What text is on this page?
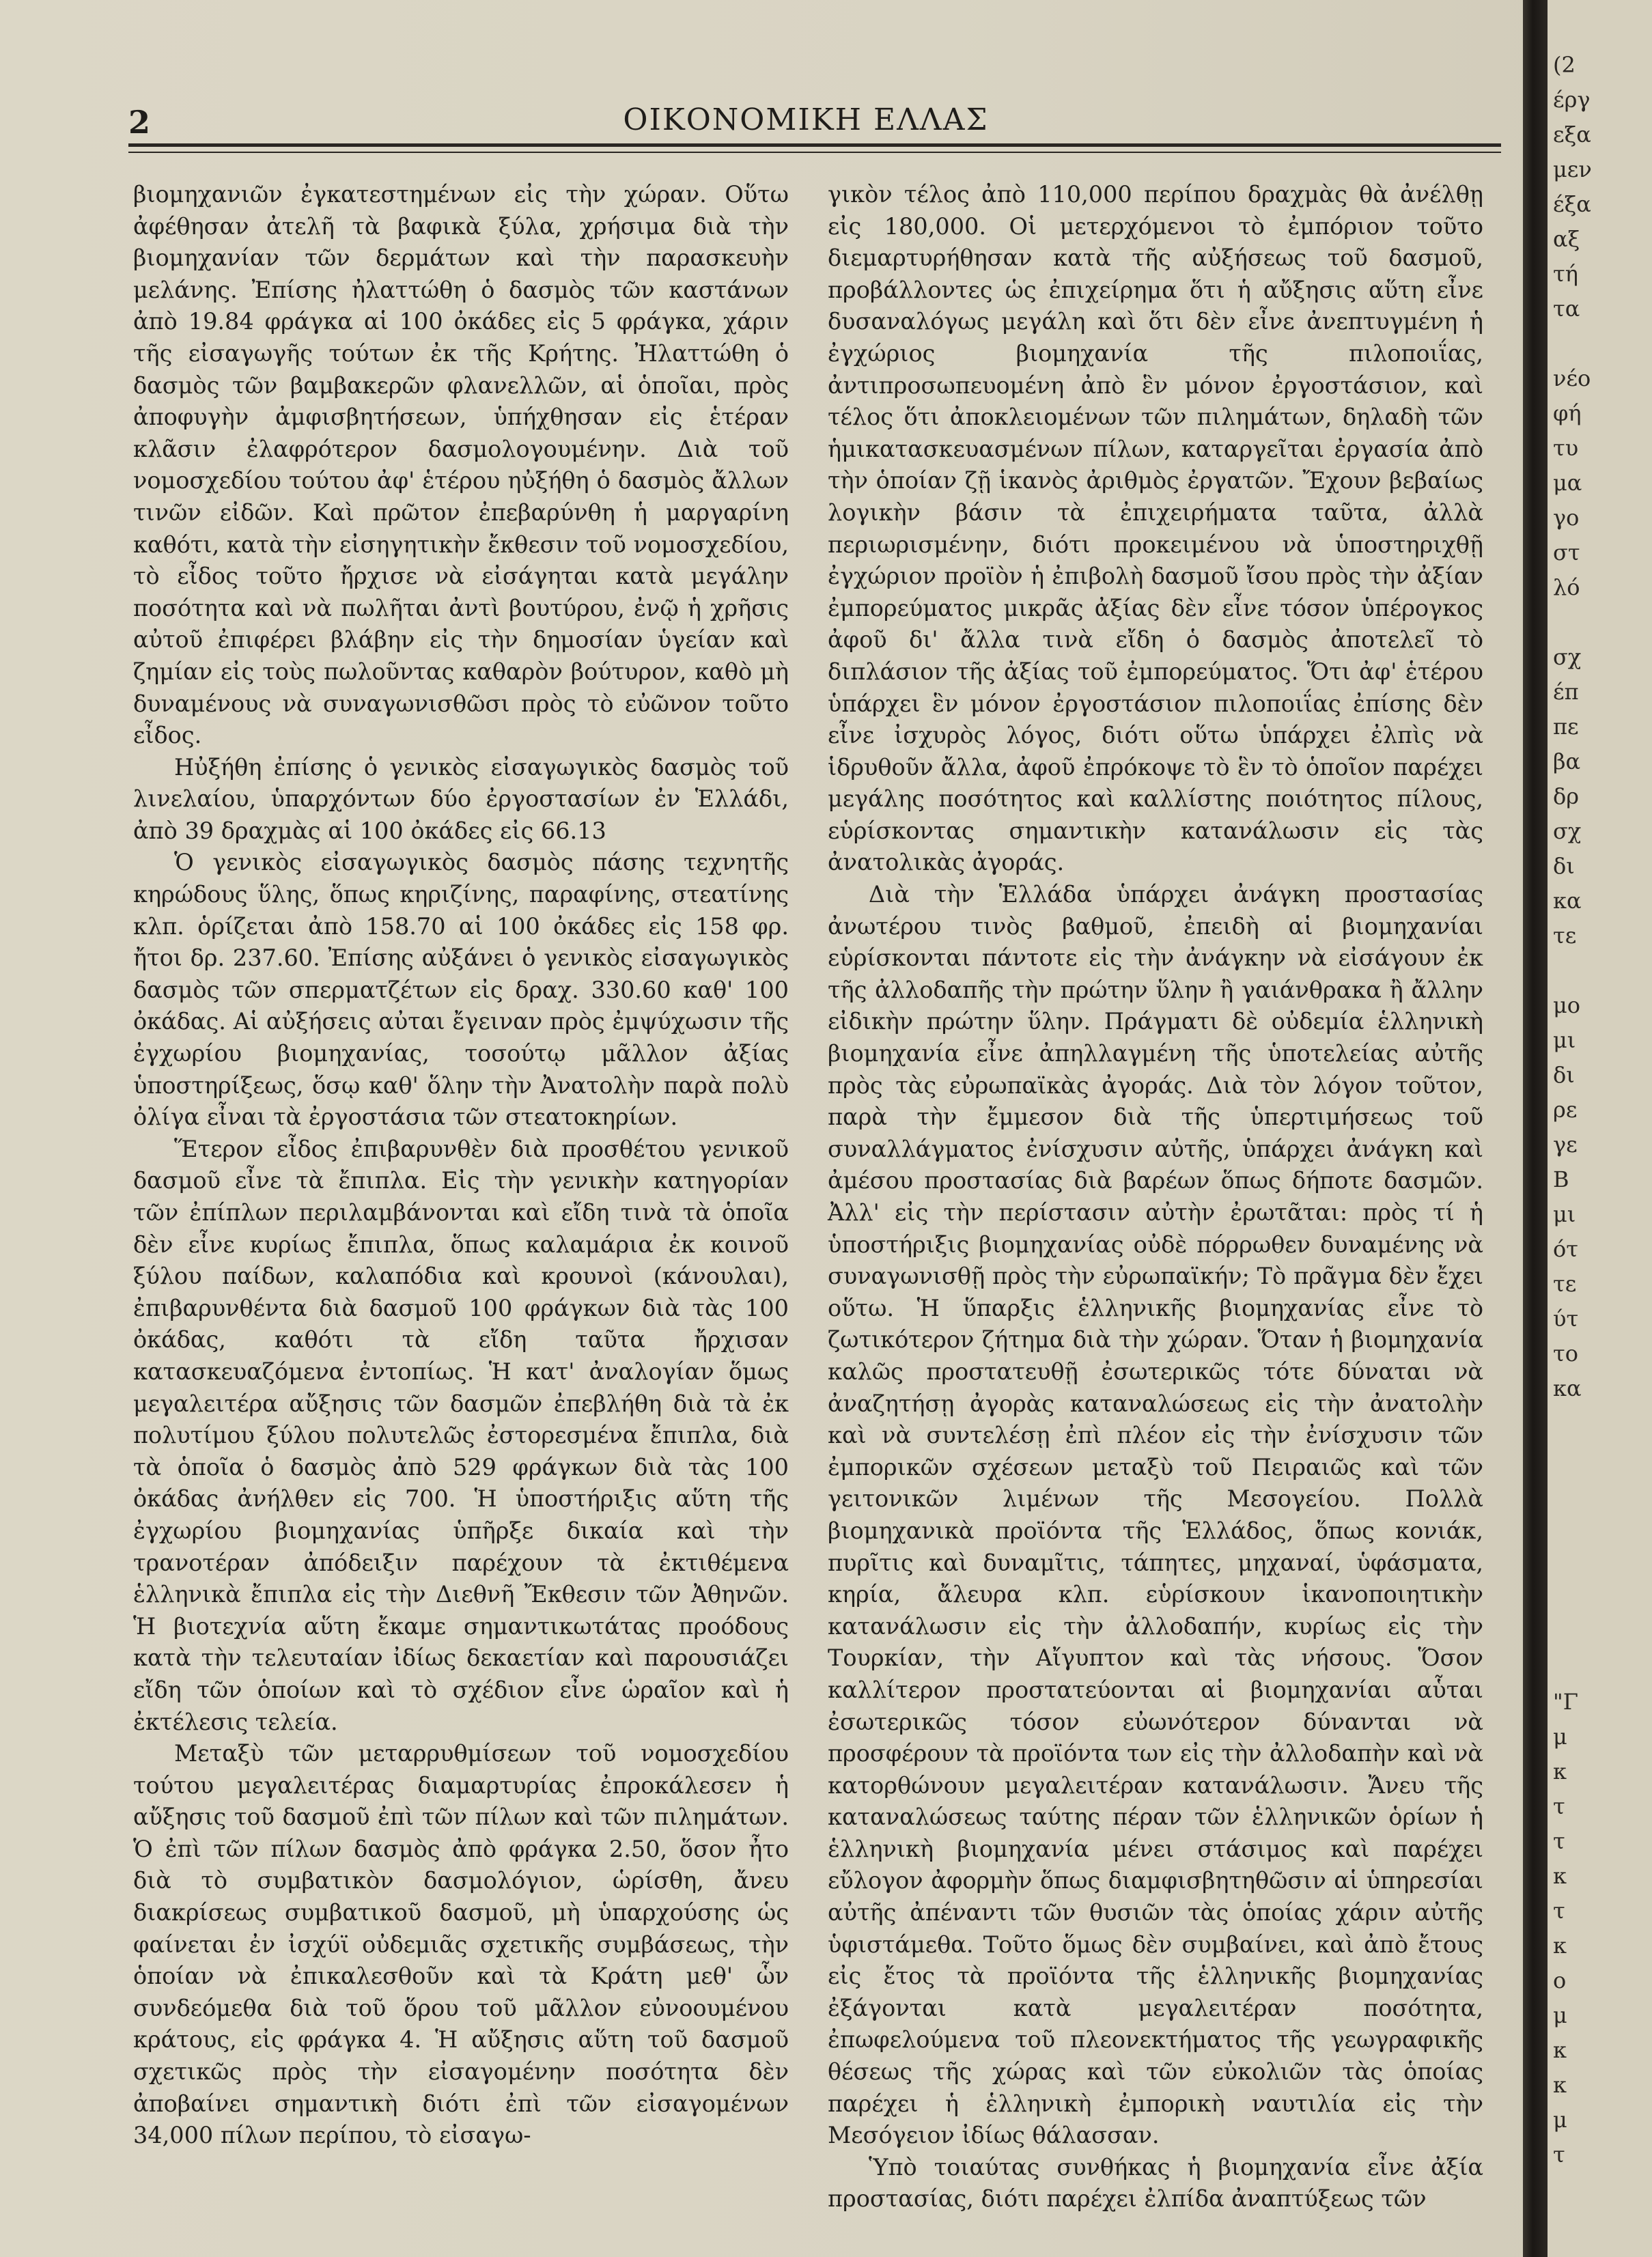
2	ΟΙΚΟΝΟΜΙΚΗ ΕΛΛΑΣ

βιομηχανιῶν ἐγκατεστημένων εἰς τὴν χώραν. Οὕτω ἀφέθησαν ἀτελῆ τὰ βαφικὰ ξύλα, χρήσιμα διὰ τὴν βιομηχανίαν τῶν δερμάτων καὶ τὴν παρασκευὴν μελάνης. Ἐπίσης ἠλαττώθη ὁ δασμὸς τῶν καστάνων ἀπὸ 19.84 φράγκα αἱ 100 ὀκάδες εἰς 5 φράγκα, χάριν τῆς εἰσαγωγῆς τούτων ἐκ τῆς Κρήτης. Ἠλαττώθη ὁ δασμὸς τῶν βαμβακερῶν φλανελλῶν, αἱ ὁποῖαι, πρὸς ἀποφυγὴν ἀμφισβητήσεων, ὑπήχθησαν εἰς ἑτέραν κλᾶσιν ἐλαφρότερον δασμολογουμένην. Διὰ τοῦ νομοσχεδίου τούτου ἀφ' ἑτέρου ηὐξήθη ὁ δασμὸς ἄλλων τινῶν εἰδῶν. Καὶ πρῶτον ἐπεβαρύνθη ἡ μαργαρίνη καθότι, κατὰ τὴν εἰσηγητικὴν ἔκθεσιν τοῦ νομοσχεδίου, τὸ εἶδος τοῦτο ἤρχισε νὰ εἰσάγηται κατὰ μεγάλην ποσότητα καὶ νὰ πωλῆται ἀντὶ βουτύρου, ἐνῷ ἡ χρῆσις αὐτοῦ ἐπιφέρει βλάβην εἰς τὴν δημοσίαν ὑγείαν καὶ ζημίαν εἰς τοὺς πωλοῦντας καθαρὸν βούτυρον, καθὸ μὴ δυναμένους νὰ συναγωνισθῶσι πρὸς τὸ εὐῶνον τοῦτο εἶδος.

Ηὐξήθη ἐπίσης ὁ γενικὸς εἰσαγωγικὸς δασμὸς τοῦ λινελαίου, ὑπαρχόντων δύο ἐργοστασίων ἐν Ἑλλάδι, ἀπὸ 39 δραχμὰς αἱ 100 ὀκάδες εἰς 66.13

Ὁ γενικὸς εἰσαγωγικὸς δασμὸς πάσης τεχνητῆς κηρώδους ὕλης, ὅπως κηριζίνης, παραφίνης, στεατίνης κλπ. ὁρίζεται ἀπὸ 158.70 αἱ 100 ὀκάδες εἰς 158 φρ. ἤτοι δρ. 237.60. Ἐπίσης αὐξάνει ὁ γενικὸς εἰσαγωγικὸς δασμὸς τῶν σπερματζέτων εἰς δραχ. 330.60 καθ' 100 ὀκάδας. Αἱ αὐξήσεις αὐται ἔγειναν πρὸς ἐμψύχωσιν τῆς ἐγχωρίου βιομηχανίας, τοσούτῳ μᾶλλον ἀξίας ὑποστηρίξεως, ὅσῳ καθ' ὅλην τὴν Ἀνατολὴν παρὰ πολὺ ὀλίγα εἶναι τὰ ἐργοστάσια τῶν στεατοκηρίων.

Ἕτερον εἶδος ἐπιβαρυνθὲν διὰ προσθέτου γενικοῦ δασμοῦ εἶνε τὰ ἔπιπλα. Εἰς τὴν γενικὴν κατηγορίαν τῶν ἐπίπλων περιλαμβάνονται καὶ εἴδη τινὰ τὰ ὁποῖα δὲν εἶνε κυρίως ἔπιπλα, ὅπως καλαμάρια ἐκ κοινοῦ ξύλου παίδων, καλαπόδια καὶ κρουνοὶ (κάνουλαι), ἐπιβαρυνθέντα διὰ δασμοῦ 100 φράγκων διὰ τὰς 100 ὀκάδας, καθότι τὰ εἴδη ταῦτα ἤρχισαν κατασκευαζόμενα ἐντοπίως. Ἡ κατ' ἀναλογίαν ὅμως μεγαλειτέρα αὔξησις τῶν δασμῶν ἐπεβλήθη διὰ τὰ ἐκ πολυτίμου ξύλου πολυτελῶς ἐστορεσμένα ἔπιπλα, διὰ τὰ ὁποῖα ὁ δασμὸς ἀπὸ 529 φράγκων διὰ τὰς 100 ὀκάδας ἀνήλθεν εἰς 700. Ἡ ὑποστήριξις αὕτη τῆς ἐγχωρίου βιομηχανίας ὑπῆρξε δικαία καὶ τὴν τρανοτέραν ἀπόδειξιν παρέχουν τὰ ἐκτιθέμενα ἑλληνικὰ ἔπιπλα εἰς τὴν Διεθνῆ Ἔκθεσιν τῶν Ἀθηνῶν. Ἡ βιοτεχνία αὕτη ἔκαμε σημαντικωτάτας προόδους κατὰ τὴν τελευταίαν ἰδίως δεκαετίαν καὶ παρουσιάζει εἴδη τῶν ὁποίων καὶ τὸ σχέδιον εἶνε ὡραῖον καὶ ἡ ἐκτέλεσις τελεία.

Μεταξὺ τῶν μεταρρυθμίσεων τοῦ νομοσχεδίου τούτου μεγαλειτέρας διαμαρτυρίας ἐπροκάλεσεν ἡ αὔξησις τοῦ δασμοῦ ἐπὶ τῶν πίλων καὶ τῶν πιλημάτων. Ὁ ἐπὶ τῶν πίλων δασμὸς ἀπὸ φράγκα 2.50, ὅσον ἦτο διὰ τὸ συμβατικὸν δασμολόγιον, ὡρίσθη, ἄνευ διακρίσεως συμβατικοῦ δασμοῦ, μὴ ὑπαρχούσης ὡς φαίνεται ἐν ἰσχύϊ οὐδεμιᾶς σχετικῆς συμβάσεως, τὴν ὁποίαν νὰ ἐπικαλεσθοῦν καὶ τὰ Κράτη μεθ' ὧν συνδεόμεθα διὰ τοῦ ὅρου τοῦ μᾶλλον εὐνοουμένου κράτους, εἰς φράγκα 4. Ἡ αὔξησις αὕτη τοῦ δασμοῦ σχετικῶς πρὸς τὴν εἰσαγομένην ποσότητα δὲν ἀποβαίνει σημαντικὴ διότι ἐπὶ τῶν εἰσαγομένων 34,000 πίλων περίπου, τὸ εἰσαγω-

γικὸν τέλος ἀπὸ 110,000 περίπου δραχμὰς θὰ ἀνέλθῃ εἰς 180,000. Οἱ μετερχόμενοι τὸ ἐμπόριον τοῦτο διεμαρτυρήθησαν κατὰ τῆς αὐξήσεως τοῦ δασμοῦ, προβάλλοντες ὡς ἐπιχείρημα ὅτι ἡ αὔξησις αὕτη εἶνε δυσαναλόγως μεγάλη καὶ ὅτι δὲν εἶνε ἀνεπτυγμένη ἡ ἐγχώριος βιομηχανία τῆς πιλοποιΐας, ἀντιπροσωπευομένη ἀπὸ ἓν μόνον ἐργοστάσιον, καὶ τέλος ὅτι ἀποκλειομένων τῶν πιλημάτων, δηλαδὴ τῶν ἡμικατασκευασμένων πίλων, καταργεῖται ἐργασία ἀπὸ τὴν ὁποίαν ζῇ ἱκανὸς ἀριθμὸς ἐργατῶν. Ἔχουν βεβαίως λογικὴν βάσιν τὰ ἐπιχειρήματα ταῦτα, ἀλλὰ περιωρισμένην, διότι προκειμένου νὰ ὑποστηριχθῇ ἐγχώριον προϊὸν ἡ ἐπιβολὴ δασμοῦ ἴσου πρὸς τὴν ἀξίαν ἐμπορεύματος μικρᾶς ἀξίας δὲν εἶνε τόσον ὑπέρογκος ἀφοῦ δι' ἄλλα τινὰ εἴδη ὁ δασμὸς ἀποτελεῖ τὸ διπλάσιον τῆς ἀξίας τοῦ ἐμπορεύματος. Ὅτι ἀφ' ἑτέρου ὑπάρχει ἓν μόνον ἐργοστάσιον πιλοποιΐας ἐπίσης δὲν εἶνε ἰσχυρὸς λόγος, διότι οὕτω ὑπάρχει ἐλπὶς νὰ ἱδρυθοῦν ἄλλα, ἀφοῦ ἐπρόκοψε τὸ ἓν τὸ ὁποῖον παρέχει μεγάλης ποσότητος καὶ καλλίστης ποιότητος πίλους, εὑρίσκοντας σημαντικὴν κατανάλωσιν εἰς τὰς ἀνατολικὰς ἀγοράς.

Διὰ τὴν Ἑλλάδα ὑπάρχει ἀνάγκη προστασίας ἀνωτέρου τινὸς βαθμοῦ, ἐπειδὴ αἱ βιομηχανίαι εὑρίσκονται πάντοτε εἰς τὴν ἀνάγκην νὰ εἰσάγουν ἐκ τῆς ἀλλοδαπῆς τὴν πρώτην ὕλην ἢ γαιάνθρακα ἢ ἄλλην εἰδικὴν πρώτην ὕλην. Πράγματι δὲ οὐδεμία ἑλληνικὴ βιομηχανία εἶνε ἀπηλλαγμένη τῆς ὑποτελείας αὐτῆς πρὸς τὰς εὐρωπαϊκὰς ἀγοράς. Διὰ τὸν λόγον τοῦτον, παρὰ τὴν ἔμμεσον διὰ τῆς ὑπερτιμήσεως τοῦ συναλλάγματος ἐνίσχυσιν αὐτῆς, ὑπάρχει ἀνάγκη καὶ ἀμέσου προστασίας διὰ βαρέων ὅπως δήποτε δασμῶν. Ἀλλ' εἰς τὴν περίστασιν αὐτὴν ἐρωτᾶται: πρὸς τί ἡ ὑποστήριξις βιομηχανίας οὐδὲ πόρρωθεν δυναμένης νὰ συναγωνισθῇ πρὸς τὴν εὐρωπαϊκήν; Τὸ πρᾶγμα δὲν ἔχει οὕτω. Ἡ ὕπαρξις ἑλληνικῆς βιομηχανίας εἶνε τὸ ζωτικότερον ζήτημα διὰ τὴν χώραν. Ὅταν ἡ βιομηχανία καλῶς προστατευθῇ ἐσωτερικῶς τότε δύναται νὰ ἀναζητήσῃ ἀγορὰς καταναλώσεως εἰς τὴν ἀνατολὴν καὶ νὰ συντελέσῃ ἐπὶ πλέον εἰς τὴν ἐνίσχυσιν τῶν ἐμπορικῶν σχέσεων μεταξὺ τοῦ Πειραιῶς καὶ τῶν γειτονικῶν λιμένων τῆς Μεσογείου. Πολλὰ βιομηχανικὰ προϊόντα τῆς Ἑλλάδος, ὅπως κονιάκ, πυρῖτις καὶ δυναμῖτις, τάπητες, μηχαναί, ὑφάσματα, κηρία, ἄλευρα κλπ. εὑρίσκουν ἱκανοποιητικὴν κατανάλωσιν εἰς τὴν ἀλλοδαπήν, κυρίως εἰς τὴν Τουρκίαν, τὴν Αἴγυπτον καὶ τὰς νήσους. Ὅσον καλλίτερον προστατεύονται αἱ βιομηχανίαι αὗται ἐσωτερικῶς τόσον εὐωνότερον δύνανται νὰ προσφέρουν τὰ προϊόντα των εἰς τὴν ἀλλοδαπὴν καὶ νὰ κατορθώνουν μεγαλειτέραν κατανάλωσιν. Ἄνευ τῆς καταναλώσεως ταύτης πέραν τῶν ἑλληνικῶν ὁρίων ἡ ἑλληνικὴ βιομηχανία μένει στάσιμος καὶ παρέχει εὔλογον ἀφορμὴν ὅπως διαμφισβητηθῶσιν αἱ ὑπηρεσίαι αὐτῆς ἀπέναντι τῶν θυσιῶν τὰς ὁποίας χάριν αὐτῆς ὑφιστάμεθα. Τοῦτο ὅμως δὲν συμβαίνει, καὶ ἀπὸ ἔτους εἰς ἔτος τὰ προϊόντα τῆς ἑλληνικῆς βιομηχανίας ἐξάγονται κατὰ μεγαλειτέραν ποσότητα, ἐπωφελούμενα τοῦ πλεονεκτήματος τῆς γεωγραφικῆς θέσεως τῆς χώρας καὶ τῶν εὐκολιῶν τὰς ὁποίας παρέχει ἡ ἑλληνικὴ ἐμπορικὴ ναυτιλία εἰς τὴν Μεσόγειον ἰδίως θάλασσαν.

Ὑπὸ τοιαύτας συνθήκας ἡ βιομηχανία εἶνε ἀξία προστασίας, διότι παρέχει ἐλπίδα ἀναπτύξεως τῶν

(2
έργ
εξα
μεν
έξα
αξ
τή
τα

νέο
φή
τυ
μα
γο
στ
λό

σχ
έπ
πε
βα
δρ
σχ
δι
κα
τε

μο
μι
δι
ρε
γε
Β
μι
ότ
τε
ύτ
το
κα

"Γ
μ
κ
τ
τ
κ
τ
κ
ο
μ
κ
κ
μ
τ
